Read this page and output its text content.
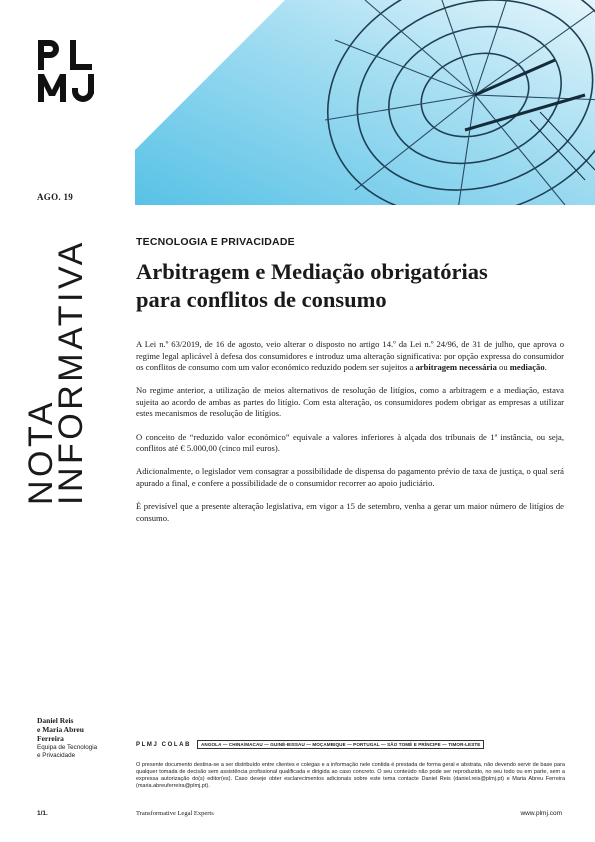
AGO. 19
NOTA
INFORMATIVA	TECNOLOGIA E PRIVACIDADE
Arbitragem e Mediação obrigatórias
para conflitos de consumo

A Lei n.º 63/2019, de 16 de agosto, veio alterar o disposto no artigo 14.º da Lei n.º 24/96, de 31 de julho, que aprova o regime legal aplicável à defesa dos consumidores e introduz uma alteração significativa: por opção expressa do consumidor os conflitos de consumo com um valor económico reduzido podem ser sujeitos a arbitragem necessária ou mediação.

No regime anterior, a utilização de meios alternativos de resolução de litígios, como a arbitragem e a mediação, estava sujeita ao acordo de ambas as partes do litígio. Com esta alteração, os consumidores podem obrigar as empresas a utilizar estes mecanismos de resolução de litígios.

O conceito de “reduzido valor económico” equivale a valores inferiores à alçada dos tribunais de 1ª instância, ou seja, conflitos até € 5.000,00 (cinco mil euros).

Adicionalmente, o legislador vem consagrar a possibilidade de dispensa do pagamento prévio de taxa de justiça, o qual será apurado a final, e confere a possibilidade de o consumidor recorrer ao apoio judiciário.

É previsível que a presente alteração legislativa, em vigor a 15 de setembro, venha a gerar um maior número de litígios de consumo.

Daniel Reis
e Maria Abreu
Ferreira
Equipa de Tecnologia
e Privacidade
PLMJ COLAB	ANGOLA — CHINA/MACAU — GUINÉ-BISSAU — MOÇAMBIQUE — PORTUGAL — SÃO TOMÉ E PRÍNCIPE — TIMOR-LESTE
O presente documento destina-se a ser distribuído entre clientes e colegas e a informação nele contida é prestada de forma geral e abstrata, não devendo servir de base para qualquer tomada de decisão sem assistência profissional qualificada e dirigida ao caso concreto. O seu conteúdo não pode ser reproduzido, no seu todo ou em parte, sem a expressa autorização do(s) editor(es). Caso deseje obter esclarecimentos adicionais sobre este tema contacte Daniel Reis (daniel.reis@plmj.pt) e Maria Abreu Ferreira (maria.abreuferreira@plmj.pt).
1/1.	Transformative Legal Experts	www.plmj.com
